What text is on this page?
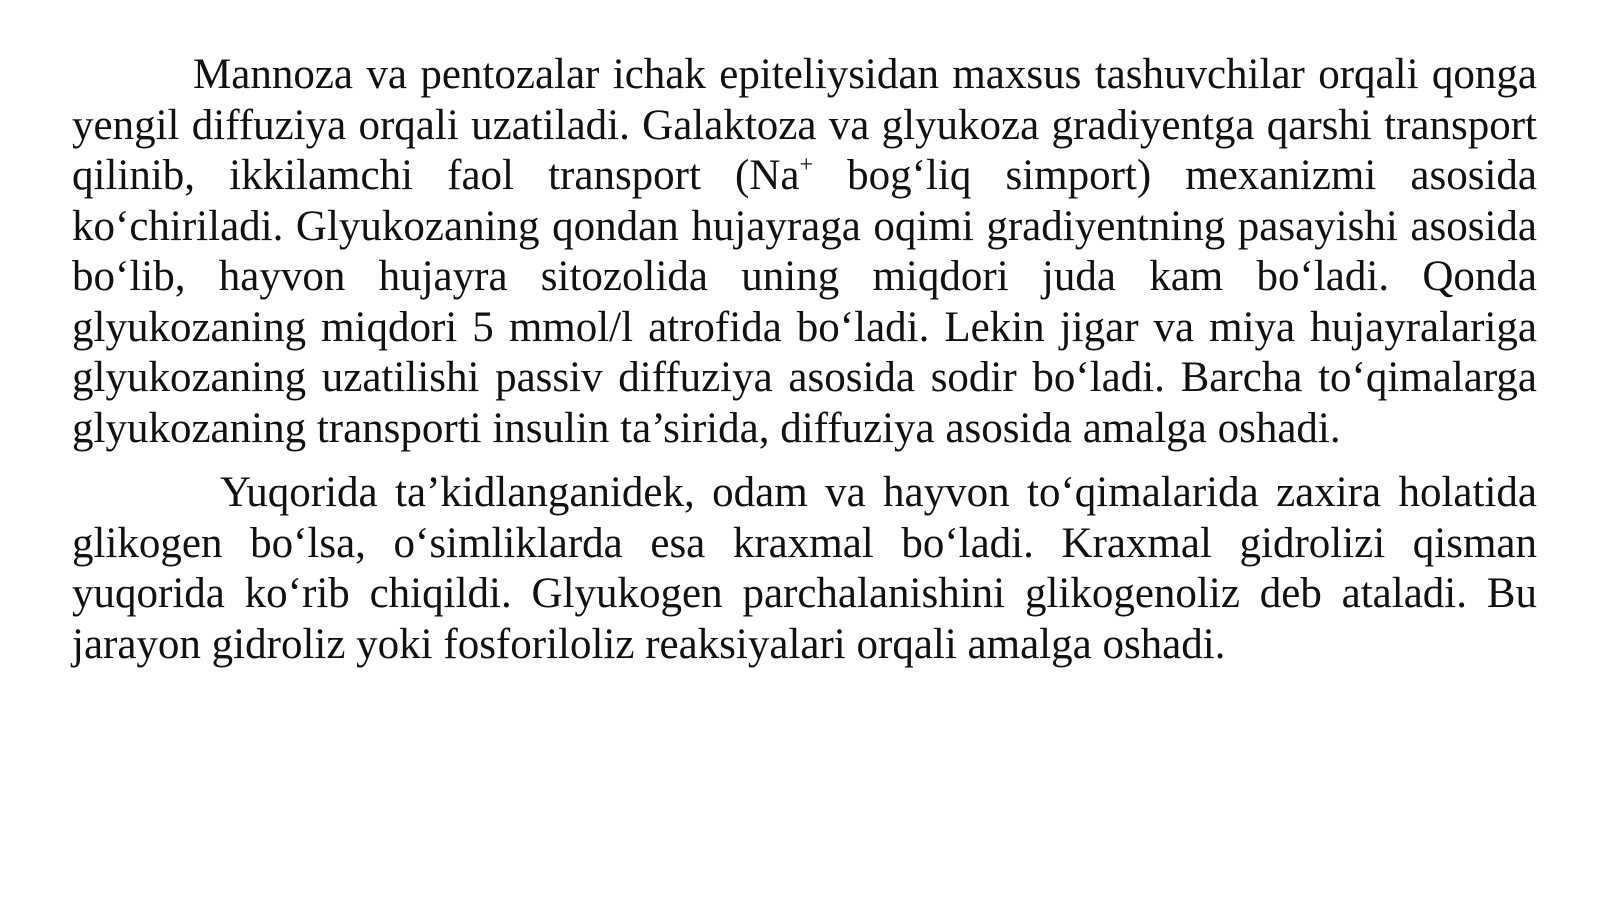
Mannoza va pentozalar ichak epiteliysidan maxsus tashuvchilar orqali qonga yengil diffuziya orqali uzatiladi. Galaktoza va glyukoza gradiyentga qarshi transport qilinib, ikkilamchi faol transport (Na+ bog‘liq simport) mexanizmi asosida ko‘chiriladi. Glyukozaning qondan hujayraga oqimi gradiyentning pasayishi asosida bo‘lib, hayvon hujayra sitozolida uning miqdori juda kam bo‘ladi. Qonda glyukozaning miqdori 5 mmol/l atrofida bo‘ladi. Lekin jigar va miya hujayralariga glyukozaning uzatilishi passiv diffuziya asosida sodir bo‘ladi. Barcha to‘qimalarga glyukozaning transporti insulin ta’sirida, diffuziya asosida amalga oshadi.

Yuqorida ta’kidlanganidek, odam va hayvon to‘qimalarida zaxira holatida glikogen bo‘lsa, o‘simliklarda esa kraxmal bo‘ladi. Kraxmal gidrolizi qisman yuqorida ko‘rib chiqildi. Glyukogen parchalanishini glikogenoliz deb ataladi. Bu jarayon gidroliz yoki fosforiloliz reaksiyalari orqali amalga oshadi.
